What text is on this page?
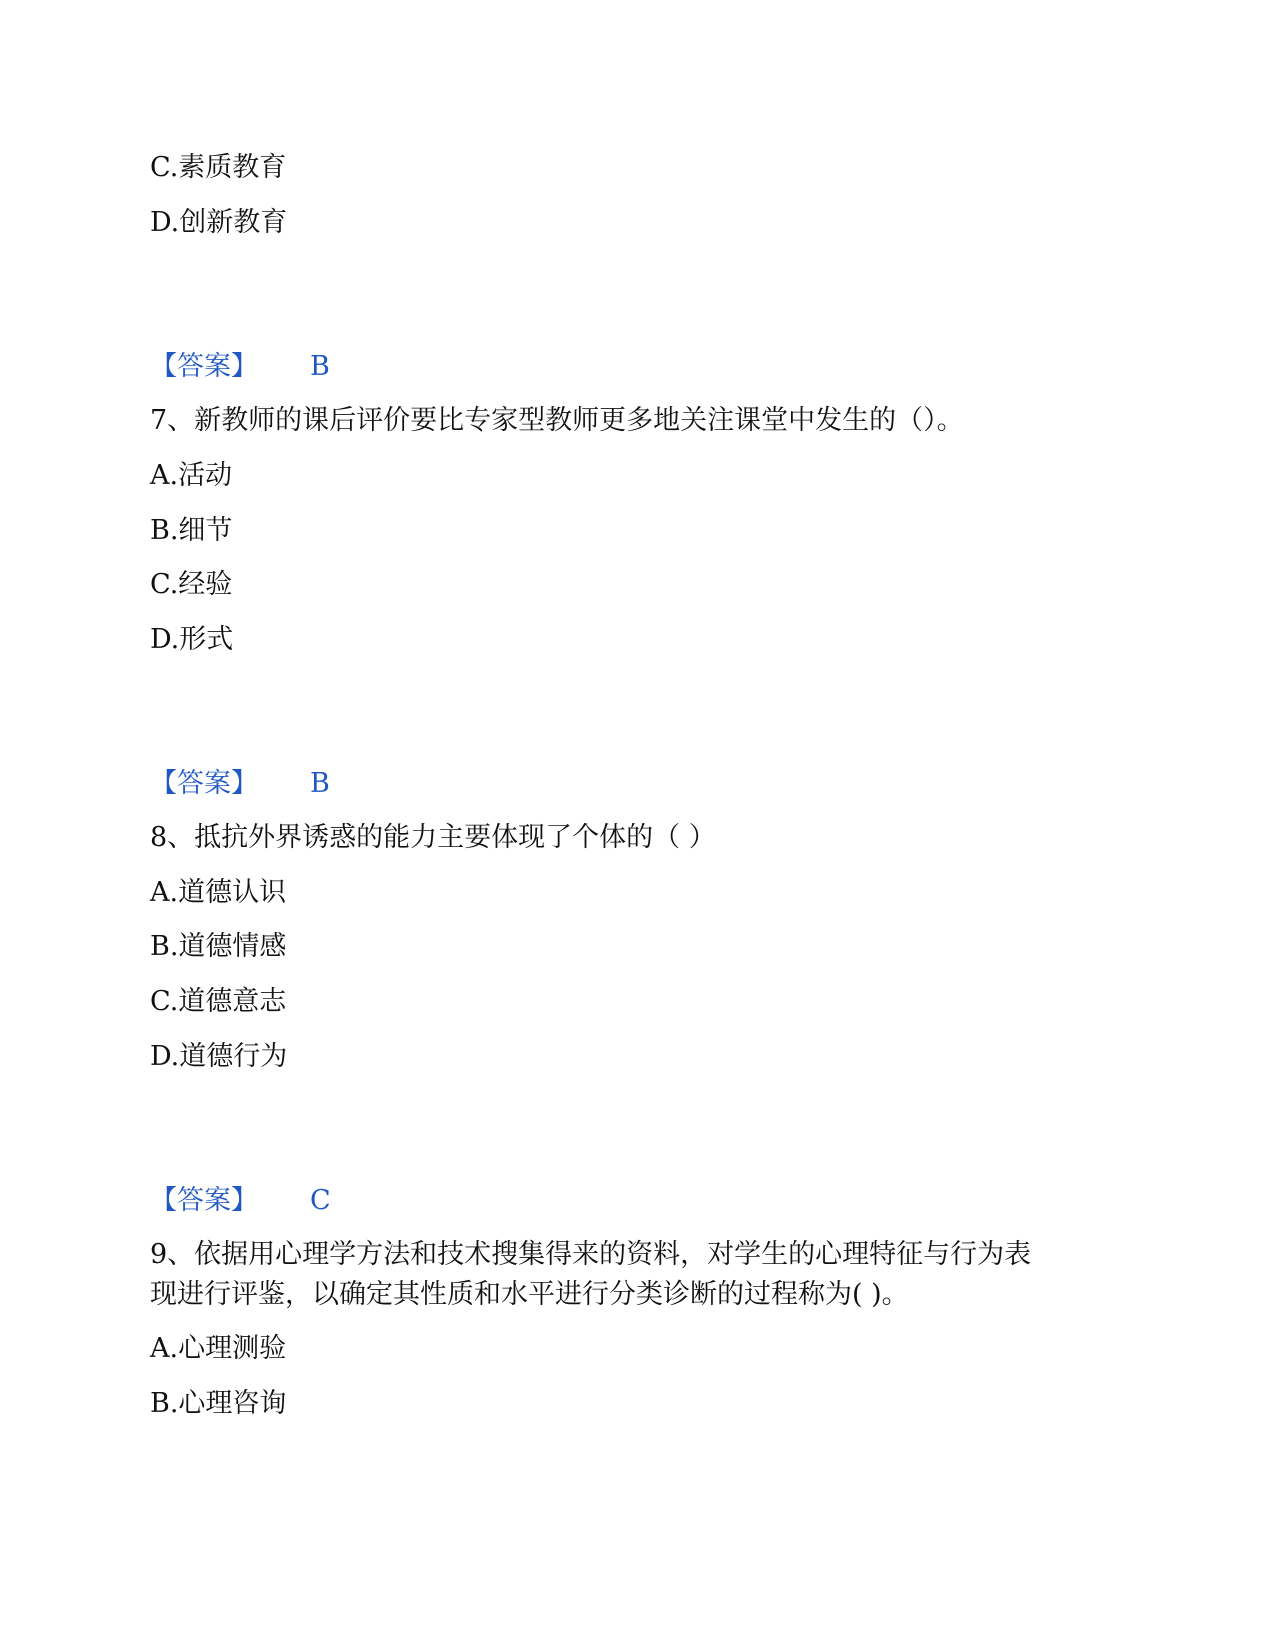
C.素质教育
D.创新教育
【答案】 B
7、新教师的课后评价要比专家型教师更多地关注课堂中发生的（）。
A.活动
B.细节
C.经验
D.形式
【答案】 B
8、抵抗外界诱惑的能力主要体现了个体的（ ）
A.道德认识
B.道德情感
C.道德意志
D.道德行为
【答案】 C
9、依据用心理学方法和技术搜集得来的资料，对学生的心理特征与行为表
现进行评鉴，以确定其性质和水平进行分类诊断的过程称为( )。
A.心理测验
B.心理咨询
